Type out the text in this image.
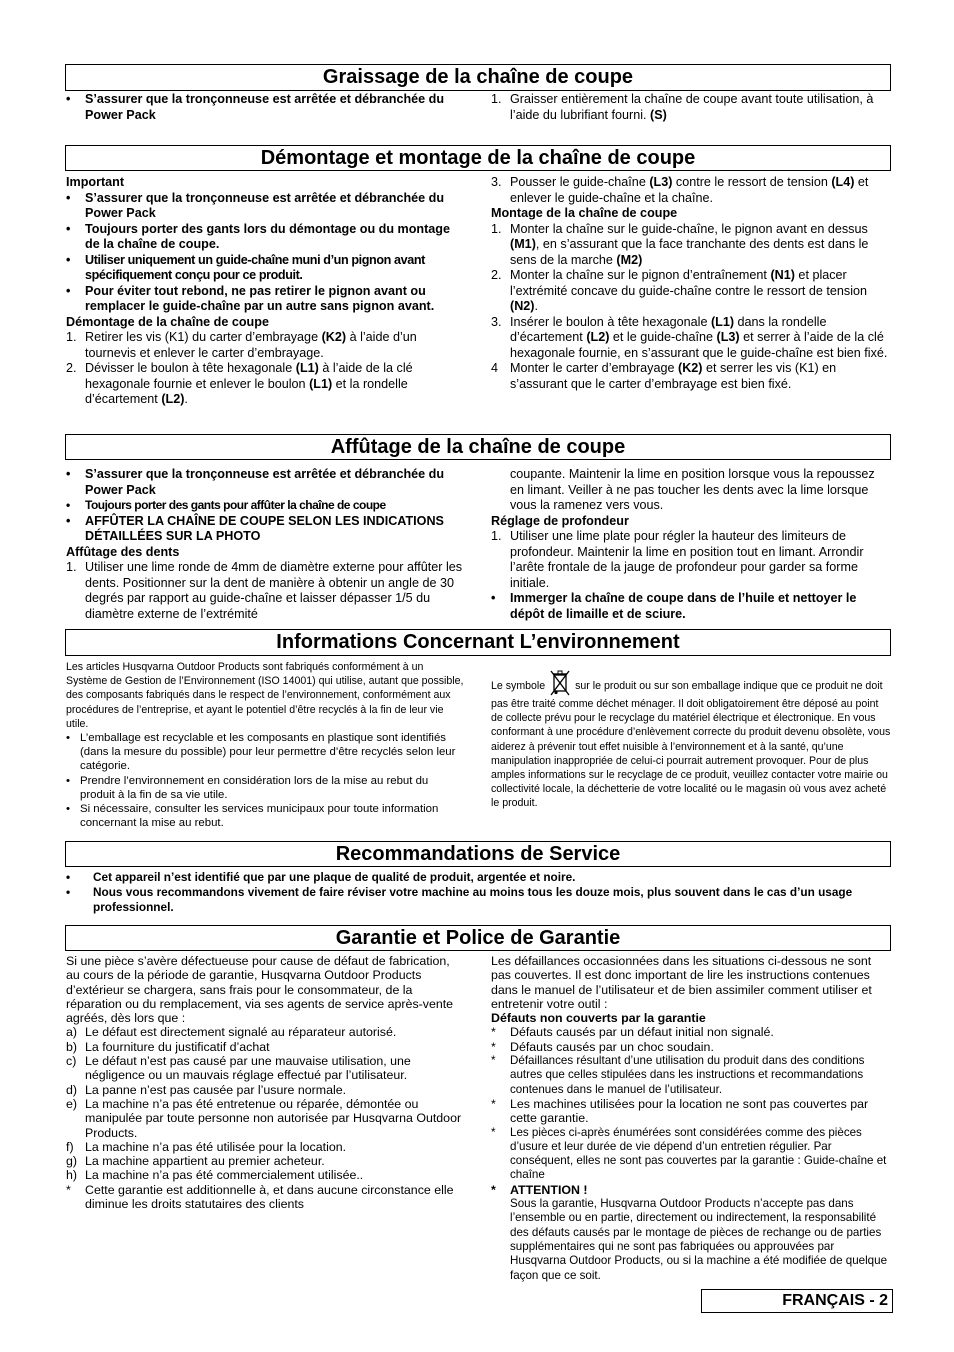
Graissage de la chaîne de coupe
• S’assurer que la tronçonneuse est arrêtée et débranchée du Power Pack
1. Graisser entièrement la chaîne de coupe avant toute utilisation, à l’aide du lubrifiant fourni. (S)
Démontage et montage de la chaîne de coupe
Important
• S’assurer que la tronçonneuse est arrêtée et débranchée du Power Pack
• Toujours porter des gants lors du démontage ou du montage de la chaîne de coupe.
• Utiliser uniquement un guide-chaîne muni d’un pignon avant spécifiquement conçu pour ce produit.
• Pour éviter tout rebond, ne pas retirer le pignon avant ou remplacer le guide-chaîne par un autre sans pignon avant.
Démontage de la chaîne de coupe
1. Retirer les vis (K1) du carter d’embrayage (K2) à l’aide d’un tournevis et enlever le carter d’embrayage.
2. Dévisser le boulon à tête hexagonale (L1) à l’aide de la clé hexagonale fournie et enlever le boulon (L1) et la rondelle d’écartement (L2).
3. Pousser le guide-chaîne (L3) contre le ressort de tension (L4) et enlever le guide-chaîne et la chaîne.
Montage de la chaîne de coupe
1. Monter la chaîne sur le guide-chaîne, le pignon avant en dessus (M1), en s’assurant que la face tranchante des dents est dans le sens de la marche (M2)
2. Monter la chaîne sur le pignon d’entraînement (N1) et placer l’extrémité concave du guide-chaîne contre le ressort de tension (N2).
3. Insérer le boulon à tête hexagonale (L1) dans la rondelle d’écartement (L2) et le guide-chaîne (L3) et serrer à l’aide de la clé hexagonale fournie, en s’assurant que le guide-chaîne est bien fixé.
4 Monter le carter d’embrayage (K2) et serrer les vis (K1) en s’assurant que le carter d’embrayage est bien fixé.
Affûtage de la chaîne de coupe
• S’assurer que la tronçonneuse est arrêtée et débranchée du Power Pack
• Toujours porter des gants pour affûter la chaîne de coupe
• AFFÛTER LA CHAÎNE DE COUPE SELON LES INDICATIONS DÉTAILLÉES SUR LA PHOTO
Affûtage des dents
1. Utiliser une lime ronde de 4mm de diamètre externe pour affûter les dents. Positionner sur la dent de manière à obtenir un angle de 30 degrés par rapport au guide-chaîne et laisser dépasser 1/5 du diamètre externe de l’extrémité
coupante. Maintenir la lime en position lorsque vous la repoussez en limant. Veiller à ne pas toucher les dents avec la lime lorsque vous la ramenez vers vous.
Réglage de profondeur
1. Utiliser une lime plate pour régler la hauteur des limiteurs de profondeur. Maintenir la lime en position tout en limant. Arrondir l’arête frontale de la jauge de profondeur pour garder sa forme initiale.
• Immerger la chaîne de coupe dans de l’huile et nettoyer le dépôt de limaille et de sciure.
Informations Concernant L’environnement
Les articles Husqvarna Outdoor Products sont fabriqués conformément à un Système de Gestion de l’Environnement (ISO 14001) qui utilise, autant que possible, des composants fabriqués dans le respect de l’environnement, conformément aux procédures de l’entreprise, et ayant le potentiel d’être recyclés à la fin de leur vie utile.
• L’emballage est recyclable et les composants en plastique sont identifiés (dans la mesure du possible) pour leur permettre d’être recyclés selon leur catégorie.
• Prendre l’environnement en considération lors de la mise au rebut du produit à la fin de sa vie utile.
• Si nécessaire, consulter les services municipaux pour toute information concernant la mise au rebut.
Le symbole	sur le produit ou sur son emballage indique que ce produit ne doit pas être traité comme déchet ménager. Il doit obligatoirement être déposé au point de collecte prévu pour le recyclage du matériel électrique et électronique. En vous conformant à une procédure d’enlèvement correcte du produit devenu obsolète, vous aiderez à prévenir tout effet nuisible à l’environnement et à la santé, qu’une manipulation inappropriée de celui-ci pourrait autrement provoquer. Pour de plus amples informations sur le recyclage de ce produit, veuillez contacter votre mairie ou collectivité locale, la déchetterie de votre localité ou le magasin où vous avez acheté le produit.
Recommandations de Service
• Cet appareil n’est identifié que par une plaque de qualité de produit, argentée et noire.
• Nous vous recommandons vivement de faire réviser votre machine au moins tous les douze mois, plus souvent dans le cas d’un usage professionnel.
Garantie et Police de Garantie
Si une pièce s’avère défectueuse pour cause de défaut de fabrication, au cours de la période de garantie, Husqvarna Outdoor Products d’extérieur se chargera, sans frais pour le consommateur, de la réparation ou du remplacement, via ses agents de service après-vente agréés, dès lors que :
a) Le défaut est directement signalé au réparateur autorisé.
b) La fourniture du justificatif d’achat
c) Le défaut n’est pas causé par une mauvaise utilisation, une négligence ou un mauvais réglage effectué par l’utilisateur.
d) La panne n’est pas causée par l’usure normale.
e) La machine n’a pas été entretenue ou réparée, démontée ou manipulée par toute personne non autorisée par Husqvarna Outdoor Products.
f) La machine n’a pas été utilisée pour la location.
g) La machine appartient au premier acheteur.
h) La machine n’a pas été commercialement utilisée..
* Cette garantie est additionnelle à, et dans aucune circonstance elle diminue les droits statutaires des clients
Les défaillances occasionnées dans les situations ci-dessous ne sont pas couvertes. Il est donc important de lire les instructions contenues dans le manuel de l’utilisateur et de bien assimiler comment utiliser et entretenir votre outil :
Défauts non couverts par la garantie
* Défauts causés par un défaut initial non signalé.
* Défauts causés par un choc soudain.
* Défaillances résultant d’une utilisation du produit dans des conditions autres que celles stipulées dans les instructions et recommandations contenues dans le manuel de l’utilisateur.
* Les machines utilisées pour la location ne sont pas couvertes par cette garantie.
* Les pièces ci-après énumérées sont considérées comme des pièces d’usure et leur durée de vie dépend d’un entretien régulier. Par conséquent, elles ne sont pas couvertes par la garantie : Guide-chaîne et chaîne
* ATTENTION !
Sous la garantie, Husqvarna Outdoor Products n’accepte pas dans l’ensemble ou en partie, directement ou indirectement, la responsabilité des défauts causés par le montage de pièces de rechange ou de parties supplémentaires qui ne sont pas fabriquées ou approuvées par Husqvarna Outdoor Products, ou si la machine a été modifiée de quelque façon que ce soit.
FRANÇAIS - 2
